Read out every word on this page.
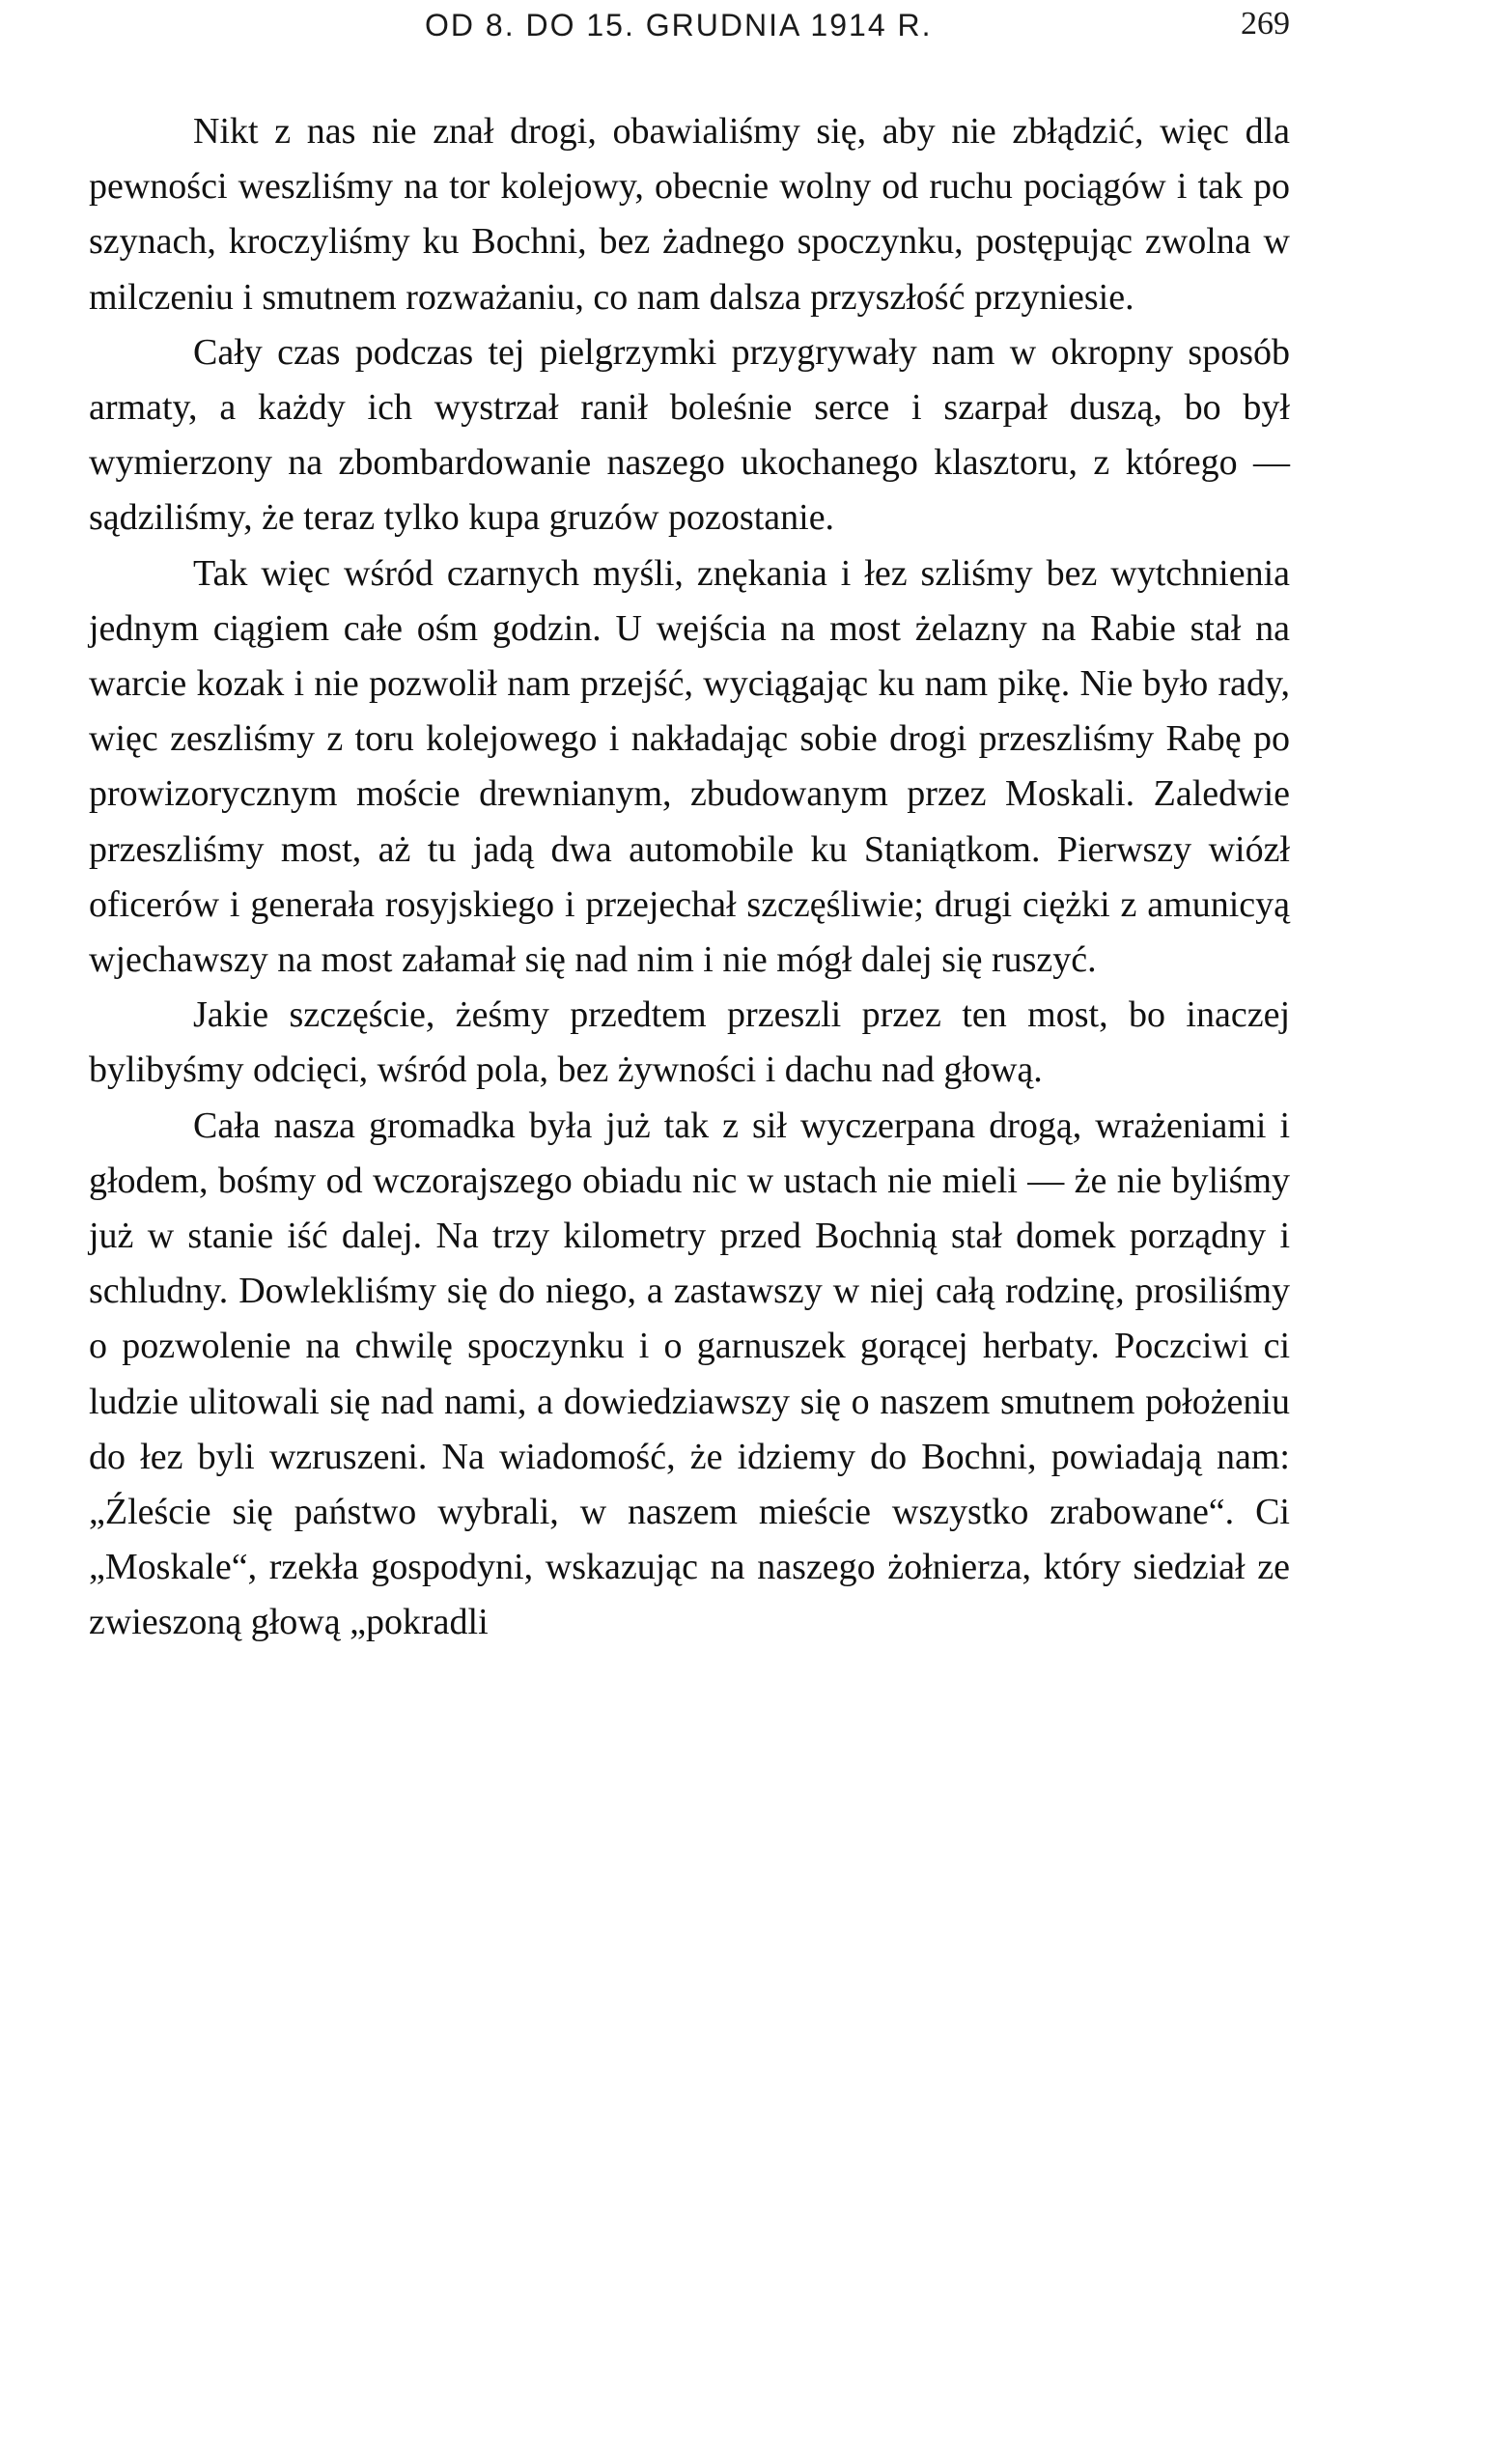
OD 8. DO 15. GRUDNIA 1914 R.	269

Nikt z nas nie znał drogi, obawialiśmy się, aby nie zbłądzić, więc dla pewności weszliśmy na tor kolejowy, obecnie wolny od ruchu pociągów i tak po szynach, kroczyliśmy ku Bochni, bez żadnego spoczynku, postępując zwolna w milczeniu i smutnem rozważaniu, co nam dalsza przyszłość przyniesie.

Cały czas podczas tej pielgrzymki przygrywały nam w okropny sposób armaty, a każdy ich wystrzał ranił boleśnie serce i szarpał duszą, bo był wymierzony na zbombardowanie naszego ukochanego klasztoru, z którego — sądziliśmy, że teraz tylko kupa gruzów pozostanie.

Tak więc wśród czarnych myśli, znękania i łez szliśmy bez wytchnienia jednym ciągiem całe ośm godzin. U wejścia na most żelazny na Rabie stał na warcie kozak i nie pozwolił nam przejść, wyciągając ku nam pikę. Nie było rady, więc zeszliśmy z toru kolejowego i nakładając sobie drogi przeszliśmy Rabę po prowizorycznym moście drewnianym, zbudowanym przez Moskali. Zaledwie przeszliśmy most, aż tu jadą dwa automobile ku Staniątkom. Pierwszy wiózł oficerów i generała rosyjskiego i przejechał szczęśliwie; drugi ciężki z amunicyą wjechawszy na most załamał się nad nim i nie mógł dalej się ruszyć.

Jakie szczęście, żeśmy przedtem przeszli przez ten most, bo inaczej bylibyśmy odcięci, wśród pola, bez żywności i dachu nad głową.

Cała nasza gromadka była już tak z sił wyczerpana drogą, wrażeniami i głodem, bośmy od wczorajszego obiadu nic w ustach nie mieli — że nie byliśmy już w stanie iść dalej. Na trzy kilometry przed Bochnią stał domek porządny i schludny. Dowlekliśmy się do niego, a zastawszy w niej całą rodzinę, prosiliśmy o pozwolenie na chwilę spoczynku i o garnuszek gorącej herbaty. Poczciwi ci ludzie ulitowali się nad nami, a dowiedziawszy się o naszem smutnem położeniu do łez byli wzruszeni. Na wiadomość, że idziemy do Bochni, powiadają nam: „Źleście się państwo wybrali, w naszem mieście wszystko zrabowane“. Ci „Moskale“, rzekła gospodyni, wskazując na naszego żołnierza, który siedział ze zwieszoną głową „pokradli
